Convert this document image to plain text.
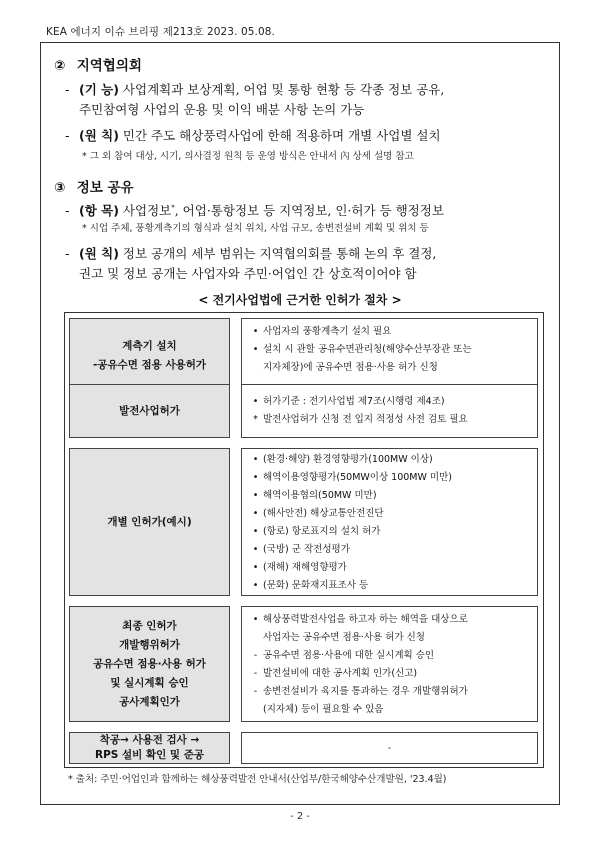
KEA 에너지 이슈 브리핑 제213호 2023. 05.08.
② 지역협의회
- (기 능) 사업계획과 보상계획, 어업 및 통항 현황 등 각종 정보 공유,
주민참여형 사업의 운용 및 이익 배분 사항 논의 가능
- (원 칙) 민간 주도 해상풍력사업에 한해 적용하며 개별 사업별 설치
* 그 외 참여 대상, 시기, 의사결정 원칙 등 운영 방식은 안내서 內 상세 설명 참고
③ 정보 공유
- (항 목) 사업정보*, 어업·통항정보 등 지역정보, 인·허가 등 행정정보
* 시업 주체, 풍황계측기의 형식과 설치 위치, 사업 규모, 송변전설비 계획 및 위치 등
- (원 칙) 정보 공개의 세부 범위는 지역협의회를 통해 논의 후 결정,
권고 및 정보 공개는 사업자와 주민·어업인 간 상호적이어야 함
< 전기사업법에 근거한 인허가 절차 >
계측기 설치
-공유수면 점용 사용허가
• 사업자의 풍황계측기 설치 필요
• 설치 시 관할 공유수면관리청(해양수산부장관 또는
지자체장)에 공유수면 점용·사용 허가 신청
발전사업허가
• 허가기준 : 전기사업법 제7조(시행령 제4조)
* 발전사업허가 신청 전 입지 적정성 사전 검토 필요
개별 인허가(예시)
• (환경·해양) 환경영향평가(100MW 이상)
• 해역이용영향평가(50MW이상 100MW 미만)
• 해역이용협의(50MW 미만)
• (해사안전) 해상교통안전진단
• (항로) 항로표지의 설치 허가
• (국방) 군 작전성평가
• (재해) 재해영향평가
• (문화) 문화재지표조사 등
최종 인허가
개발행위허가
공유수면 점용·사용 허가
및 실시계획 승인
공사계획인가
• 해상풍력발전사업을 하고자 하는 해역을 대상으로
사업자는 공유수면 점용·사용 허가 신청
- 공유수면 점용·사용에 대한 실시계획 승인
- 발전설비에 대한 공사계획 인가(신고)
- 송변전설비가 육지를 통과하는 경우 개발행위허가
(지자체) 등이 필요할 수 있음
착공→ 사용전 검사 →
RPS 설비 확인 및 준공
-
* 출처: 주민·어업인과 함께하는 해상풍력발전 안내서(산업부/한국해양수산개발원, '23.4월)
- 2 -
